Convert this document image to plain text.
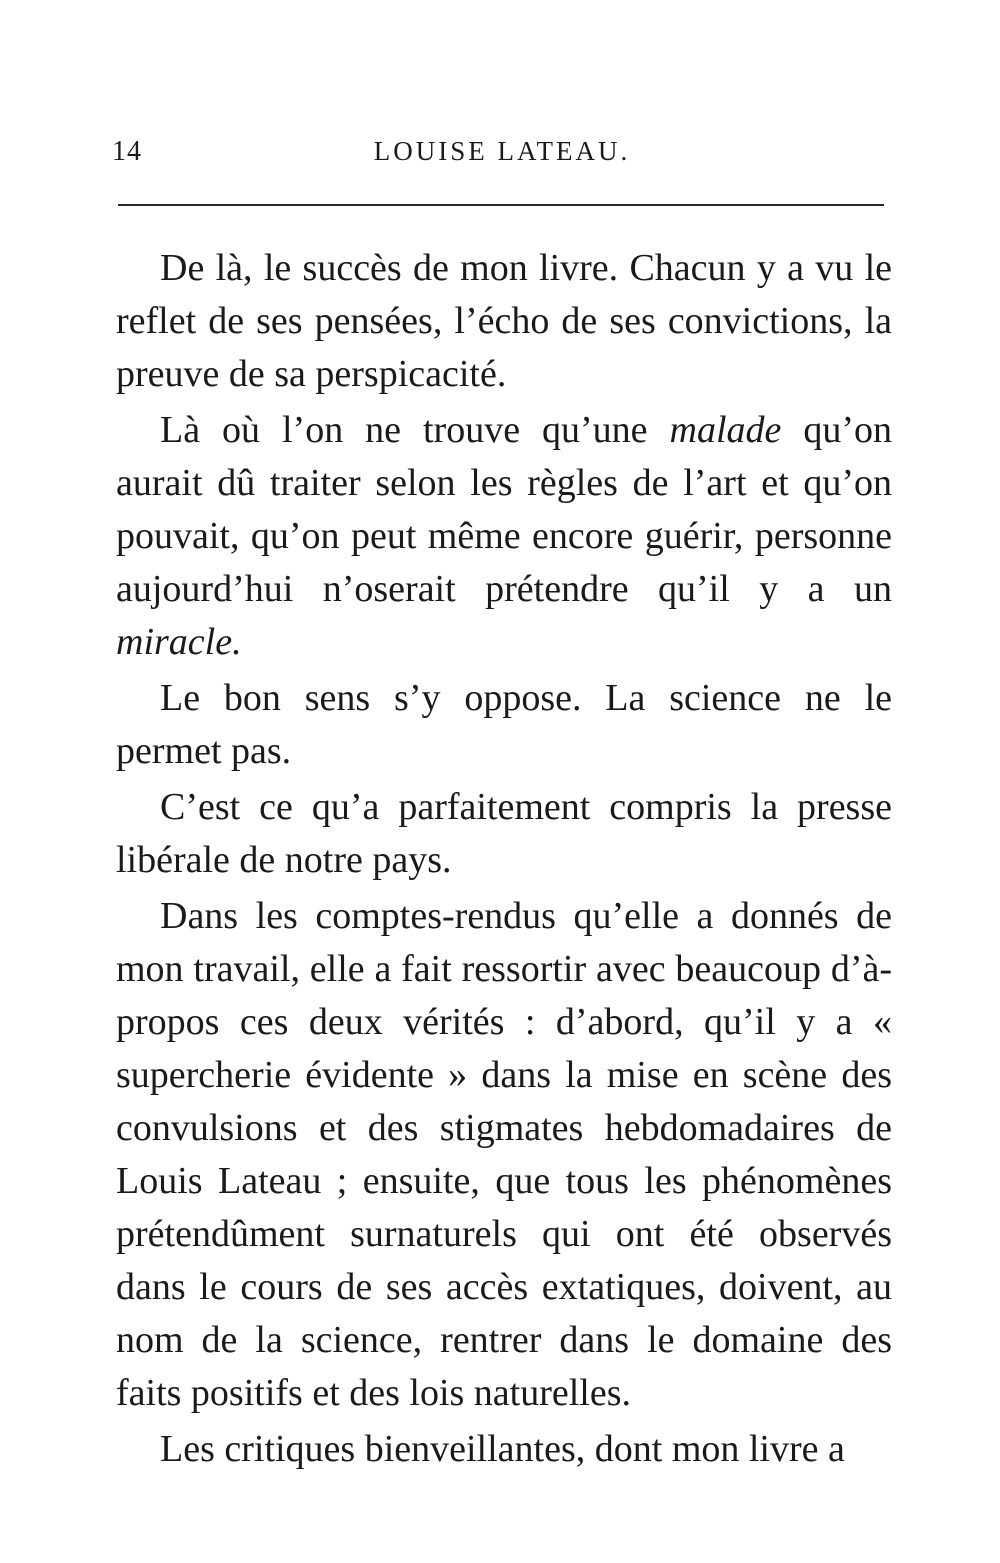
14	LOUISE LATEAU.

De là, le succès de mon livre. Chacun y a vu le reflet de ses pensées, l’écho de ses convictions, la preuve de sa perspicacité.

Là où l’on ne trouve qu’une malade qu’on aurait dû traiter selon les règles de l’art et qu’on pouvait, qu’on peut même encore guérir, personne aujourd’hui n’oserait prétendre qu’il y a un miracle.

Le bon sens s’y oppose. La science ne le permet pas.

C’est ce qu’a parfaitement compris la presse libérale de notre pays.

Dans les comptes-rendus qu’elle a donnés de mon travail, elle a fait ressortir avec beaucoup d’à-propos ces deux vérités : d’abord, qu’il y a « supercherie évidente » dans la mise en scène des convulsions et des stigmates hebdomadaires de Louis Lateau ; ensuite, que tous les phénomènes prétendûment surnaturels qui ont été observés dans le cours de ses accès extatiques, doivent, au nom de la science, rentrer dans le domaine des faits positifs et des lois naturelles.

Les critiques bienveillantes, dont mon livre a
